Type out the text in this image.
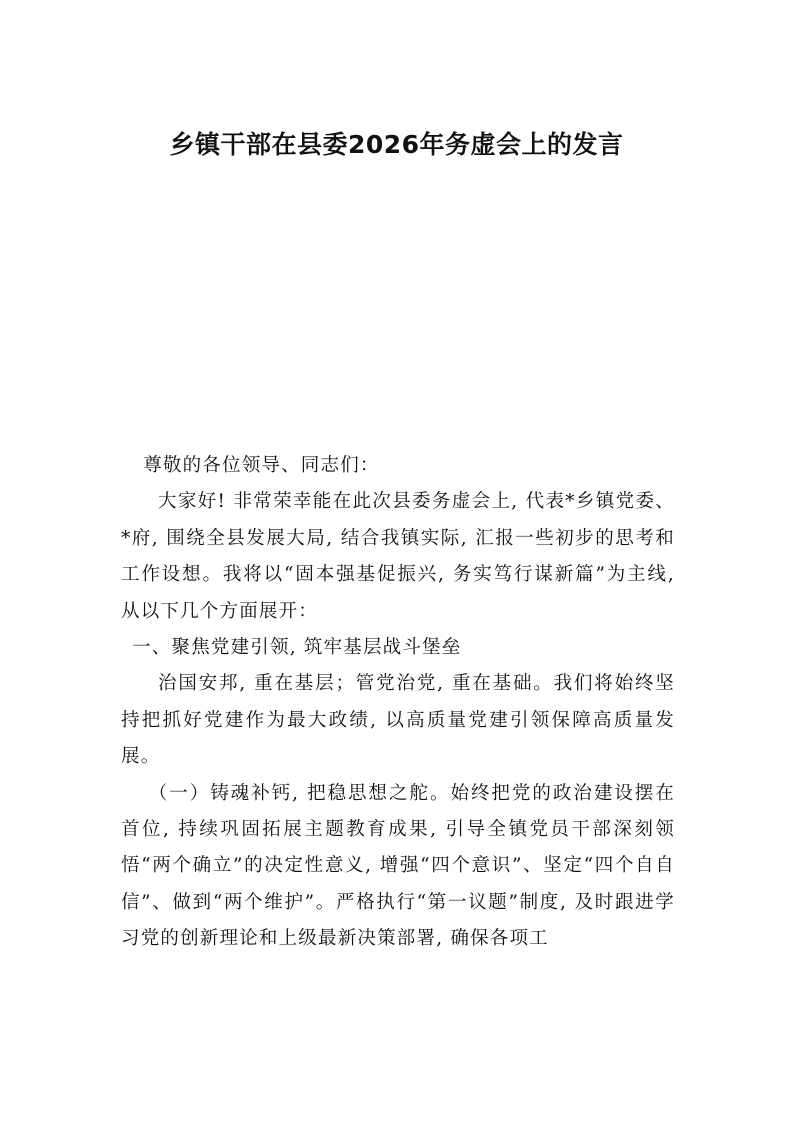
乡镇干部在县委2026年务虚会上的发言

尊敬的各位领导、同志们：

大家好! 非常荣幸能在此次县委务虚会上, 代表*乡镇党委、*府, 围绕全县发展大局, 结合我镇实际, 汇报一些初步的思考和工作设想。我将以“固本强基促振兴, 务实笃行谋新篇”为主线, 从以下几个方面展开：

一、聚焦党建引领, 筑牢基层战斗堡垒

治国安邦, 重在基层；管党治党, 重在基础。我们将始终坚持把抓好党建作为最大政绩, 以高质量党建引领保障高质量发展。

（一）铸魂补钙, 把稳思想之舵。始终把党的政治建设摆在首位, 持续巩固拓展主题教育成果, 引导全镇党员干部深刻领悟“两个确立”的决定性意义, 增强“四个意识”、坚定“四个自自信”、做到“两个维护”。严格执行“第一议题”制度, 及时跟进学习党的创新理论和上级最新决策部署, 确保各项工
